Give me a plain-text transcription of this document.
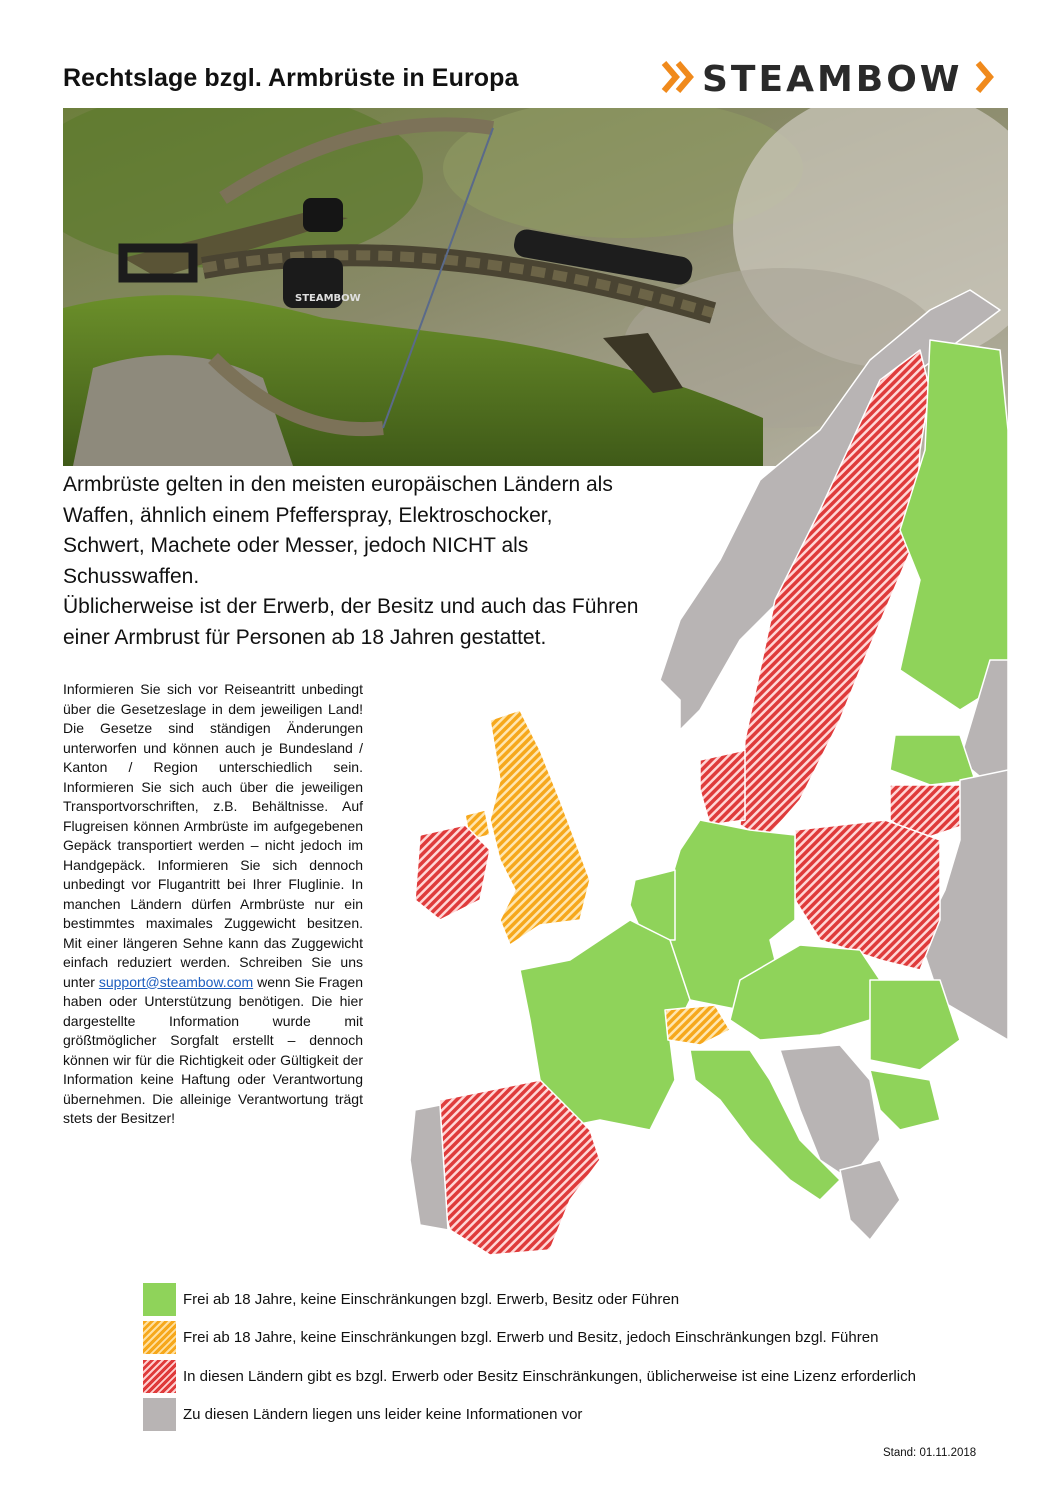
Rechtslage bzgl. Armbrüste in Europa	STEAMBOW
STEAMBOW

Armbrüste gelten in den meisten europäischen Ländern als

Waffen, ähnlich einem Pfefferspray, Elektroschocker,

Schwert, Machete oder Messer, jedoch NICHT als

Schusswaffen.

Üblicherweise ist der Erwerb, der Besitz und auch das Führen

einer Armbrust für Personen ab 18 Jahren gestattet.

Informieren Sie sich vor Reiseantritt unbedingt über die Gesetzeslage in dem jeweiligen Land! Die Gesetze sind ständigen Änderungen unterworfen und können auch je Bundesland / Kanton / Region unterschiedlich sein. Informieren Sie sich auch über die jeweiligen Transportvorschriften, z.B. Behältnisse. Auf Flugreisen können Armbrüste im aufgegebenen Gepäck transportiert werden – nicht jedoch im Handgepäck. Informieren Sie sich dennoch unbedingt vor Flugantritt bei Ihrer Fluglinie. In manchen Ländern dürfen Armbrüste nur ein bestimmtes maximales Zuggewicht besitzen. Mit einer längeren Sehne kann das Zuggewicht einfach reduziert werden. Schreiben Sie uns unter support@steambow.com wenn Sie Fragen haben oder Unterstützung benötigen. Die hier dargestellte Information wurde mit größtmöglicher Sorgfalt erstellt – dennoch können wir für die Richtigkeit oder Gültigkeit der Information keine Haftung oder Verantwortung übernehmen. Die alleinige Verantwortung trägt stets der Besitzer!
Frei ab 18 Jahre, keine Einschränkungen bzgl. Erwerb, Besitz oder Führen
Frei ab 18 Jahre, keine Einschränkungen bzgl. Erwerb und Besitz, jedoch Einschränkungen bzgl. Führen
In diesen Ländern gibt es bzgl. Erwerb oder Besitz Einschränkungen, üblicherweise ist eine Lizenz erforderlich
Zu diesen Ländern liegen uns leider keine Informationen vor
Stand: 01.11.2018
